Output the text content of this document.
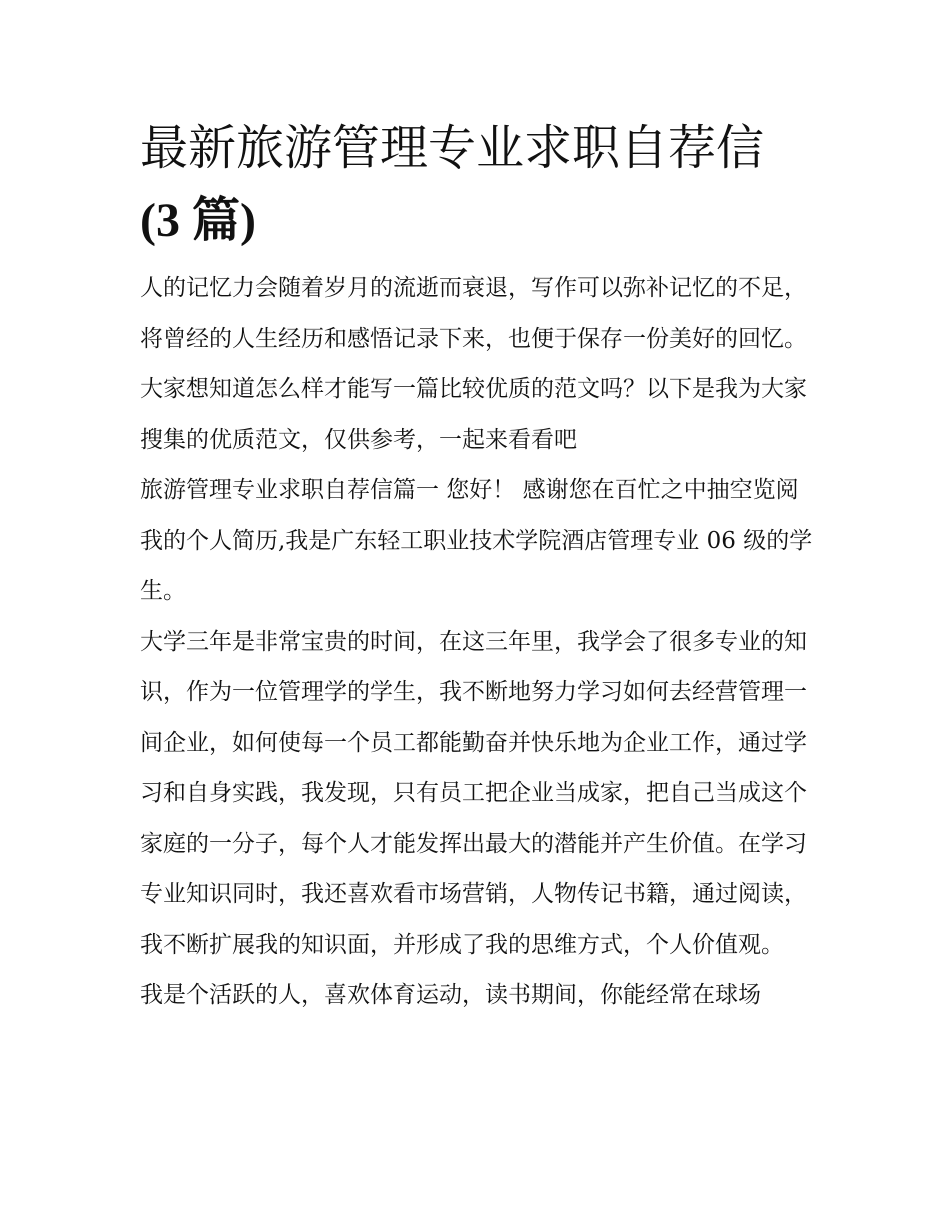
最新旅游管理专业求职自荐信
(3 篇)

人的记忆力会随着岁月的流逝而衰退，写作可以弥补记忆的不足，将曾经的人生经历和感悟记录下来，也便于保存一份美好的回忆。大家想知道怎么样才能写一篇比较优质的范文吗？以下是我为大家搜集的优质范文，仅供参考，一起来看看吧

旅游管理专业求职自荐信篇一 您好！ 感谢您在百忙之中抽空览阅我的个人简历,我是广东轻工职业技术学院酒店管理专业 06 级的学生。

大学三年是非常宝贵的时间，在这三年里，我学会了很多专业的知识，作为一位管理学的学生，我不断地努力学习如何去经营管理一间企业，如何使每一个员工都能勤奋并快乐地为企业工作，通过学习和自身实践，我发现，只有员工把企业当成家，把自己当成这个家庭的一分子，每个人才能发挥出最大的潜能并产生价值。在学习专业知识同时，我还喜欢看市场营销，人物传记书籍，通过阅读，我不断扩展我的知识面，并形成了我的思维方式，个人价值观。

我是个活跃的人，喜欢体育运动，读书期间，你能经常在球场
